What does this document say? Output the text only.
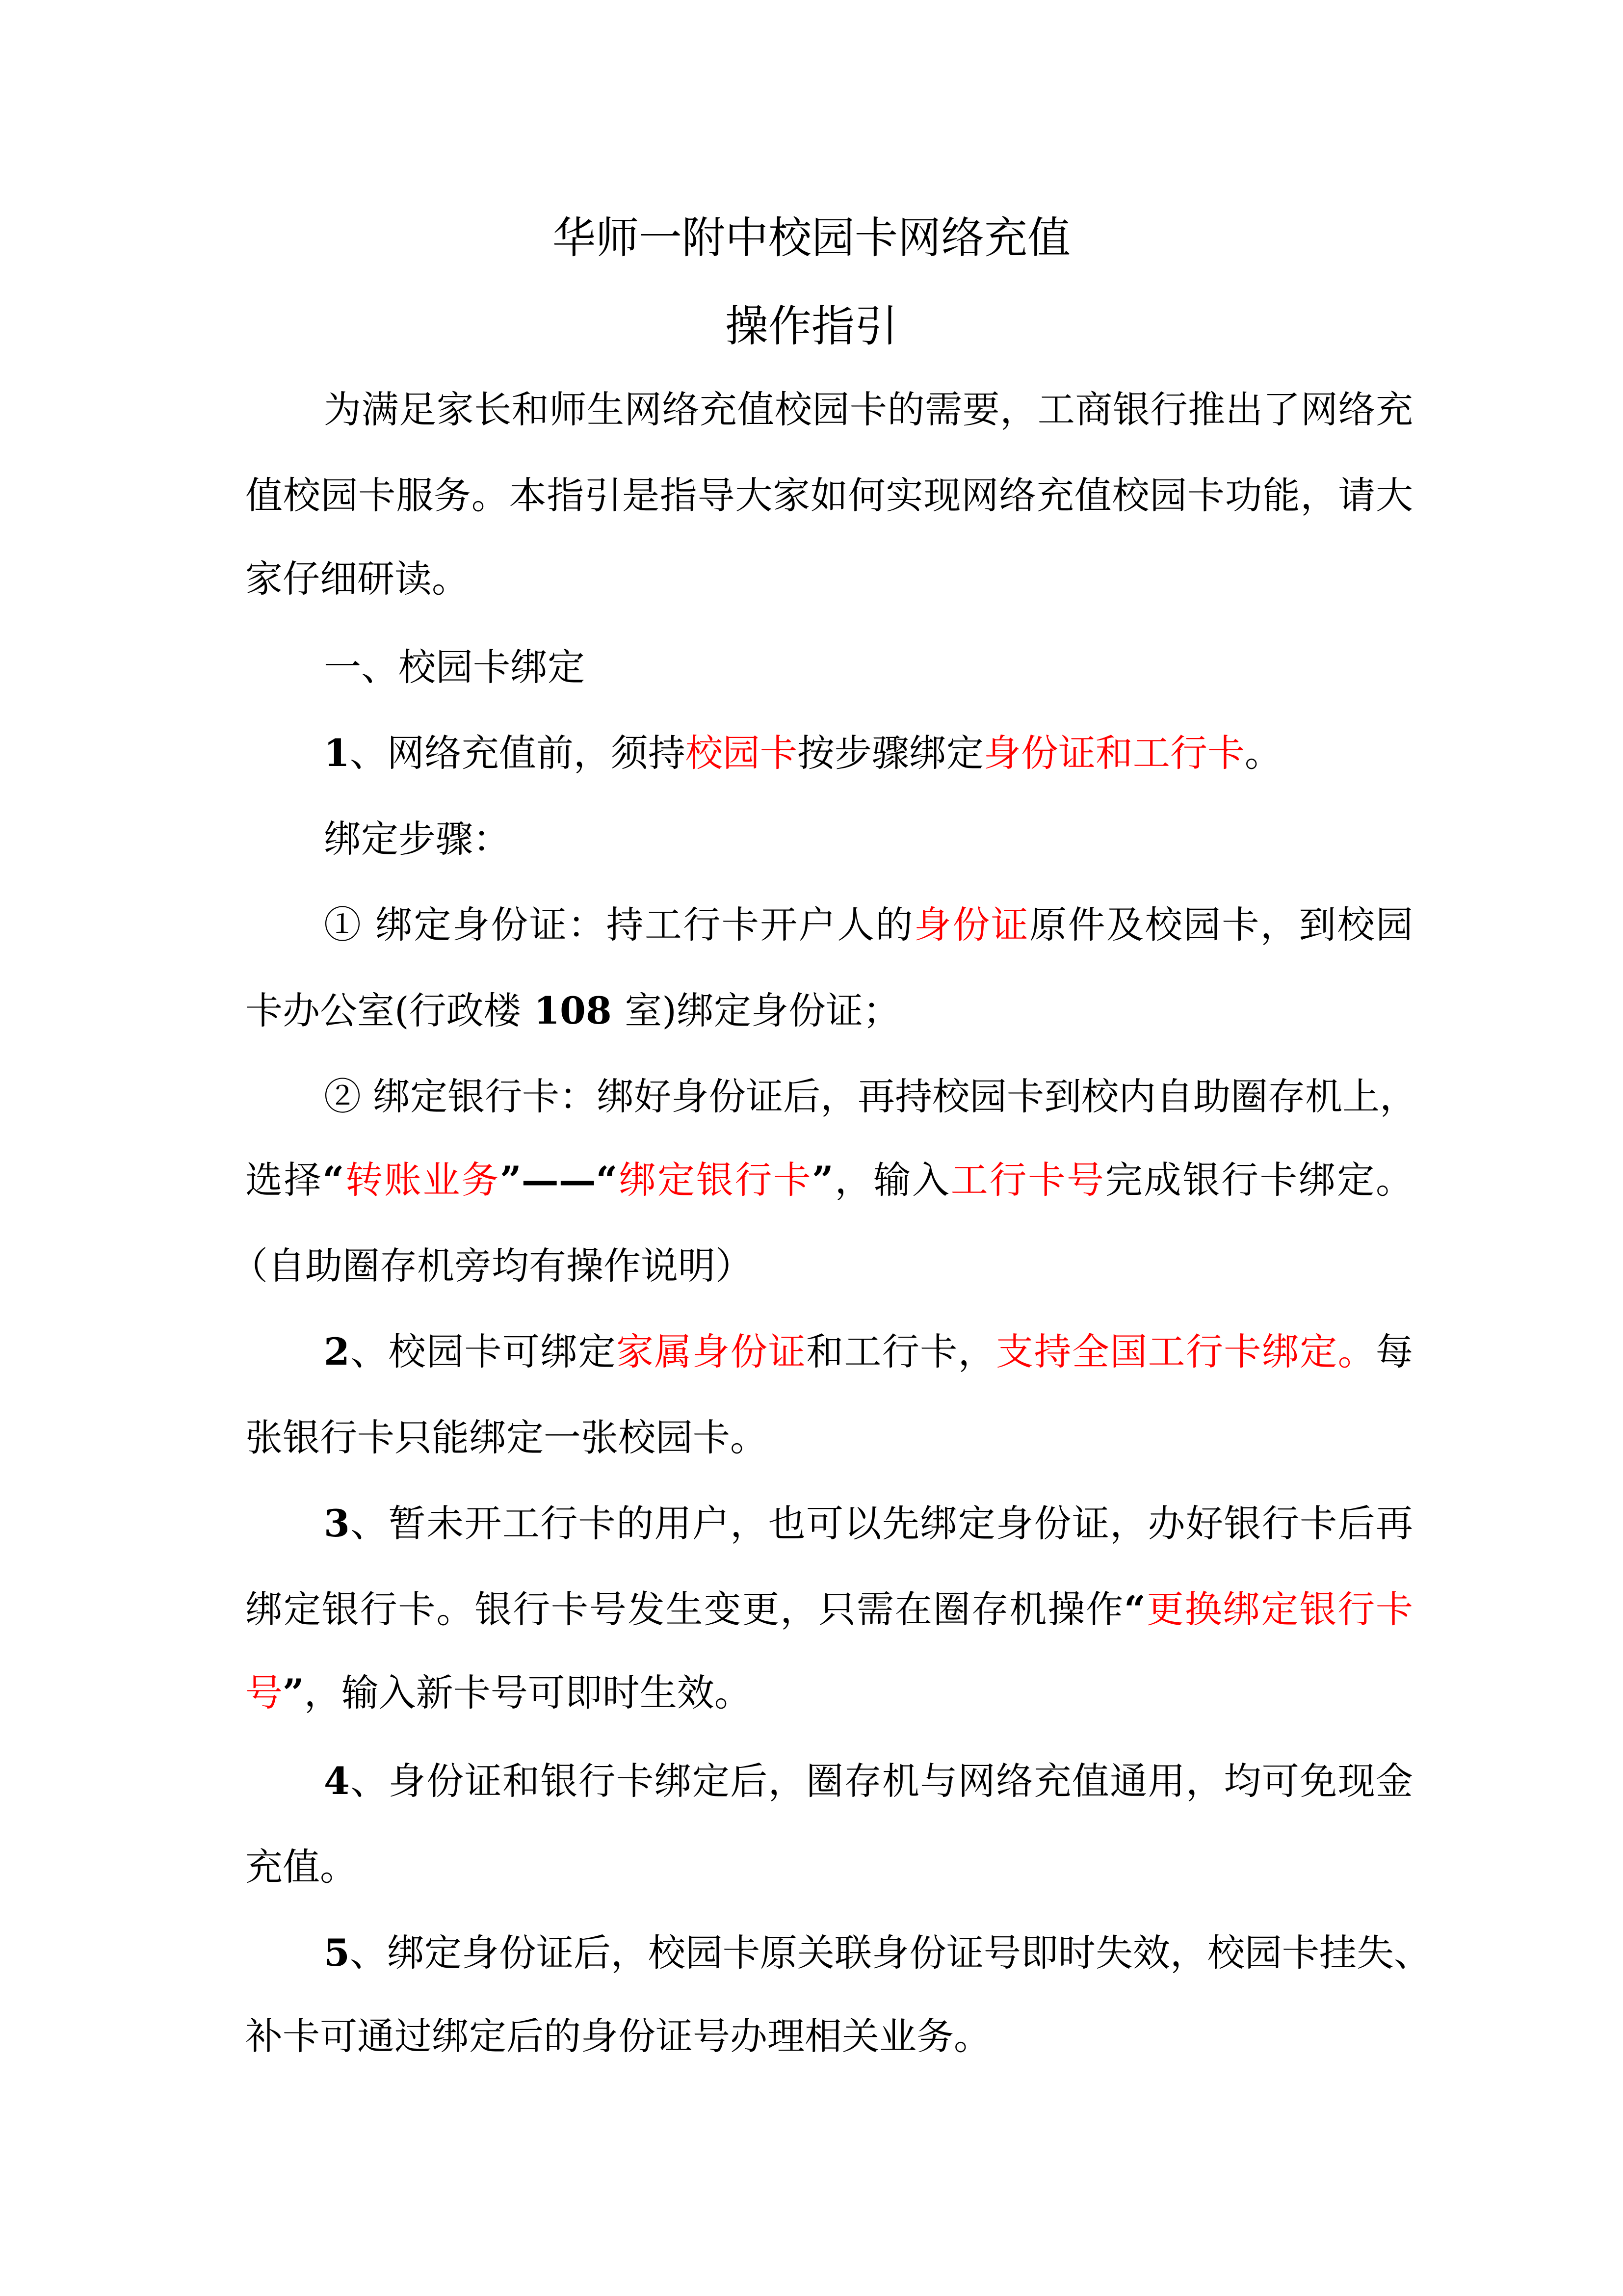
华师一附中校园卡网络充值
操作指引
为满足家长和师生网络充值校园卡的需要，工商银行推出了网络充
值校园卡服务。本指引是指导大家如何实现网络充值校园卡功能，请大
家仔细研读。
一、校园卡绑定
1、网络充值前，须持校园卡按步骤绑定身份证和工行卡。
绑定步骤：
① 绑定身份证：持工行卡开户人的身份证原件及校园卡，到校园
卡办公室(行政楼 108 室)绑定身份证；
② 绑定银行卡：绑好身份证后，再持校园卡到校内自助圈存机上，
选择“转账业务”——“绑定银行卡”，输入工行卡号完成银行卡绑定。
（自助圈存机旁均有操作说明）
2、校园卡可绑定家属身份证和工行卡，支持全国工行卡绑定。每
张银行卡只能绑定一张校园卡。
3、暂未开工行卡的用户，也可以先绑定身份证，办好银行卡后再
绑定银行卡。银行卡号发生变更，只需在圈存机操作“更换绑定银行卡
号”，输入新卡号可即时生效。
4、身份证和银行卡绑定后，圈存机与网络充值通用，均可免现金
充值。
5、绑定身份证后，校园卡原关联身份证号即时失效，校园卡挂失、
补卡可通过绑定后的身份证号办理相关业务。
